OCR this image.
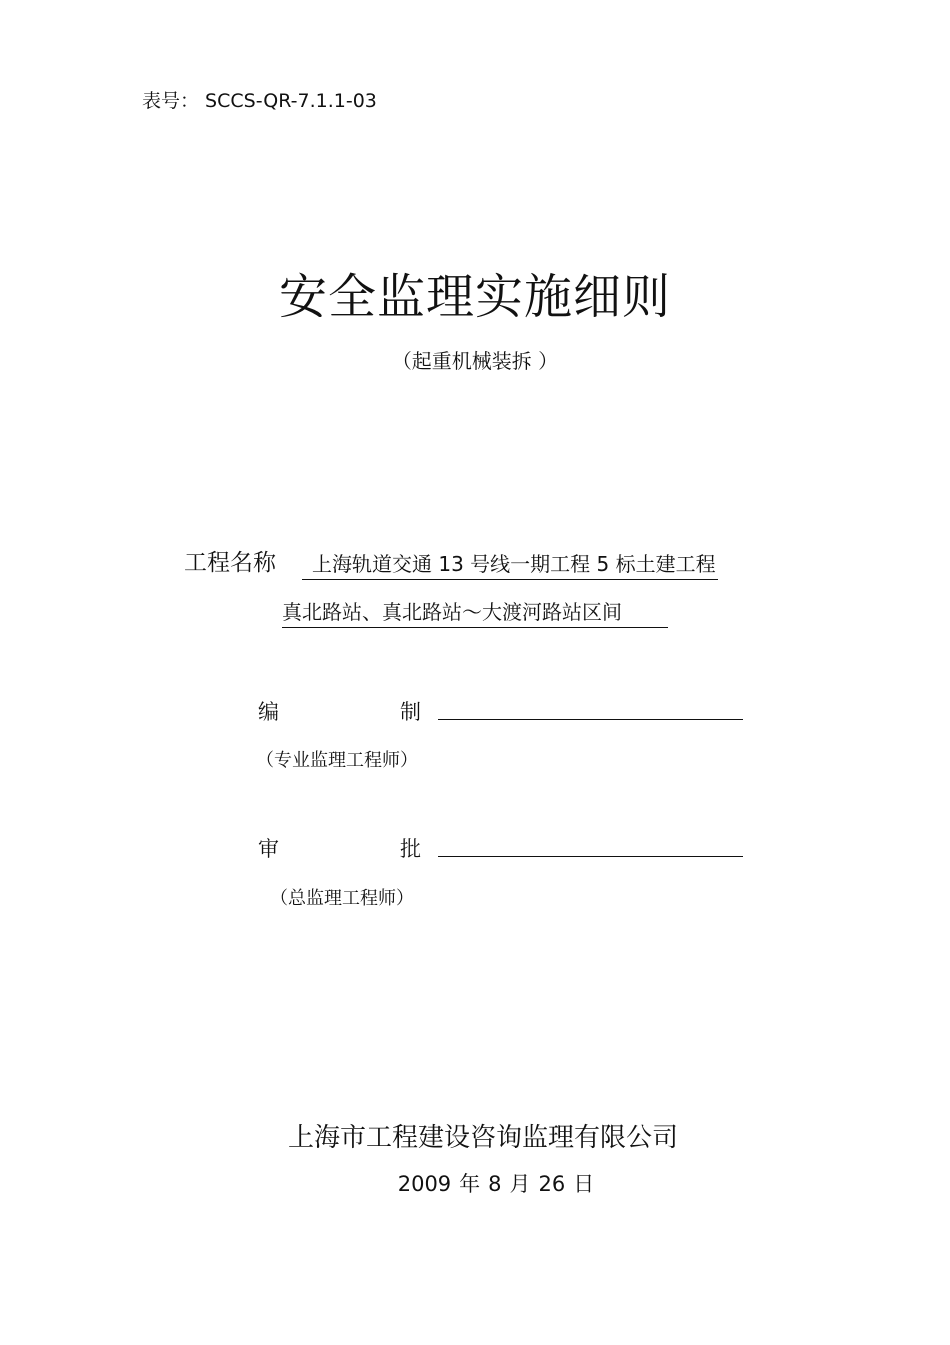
表号： SCCS-QR-7.1.1-03
安全监理实施细则
（起重机械装拆 ）
工程名称	上海轨道交通 13 号线一期工程 5 标土建工程
真北路站、真北路站～大渡河路站区间
编	制
（专业监理工程师）
审	批
（总监理工程师）
上海市工程建设咨询监理有限公司
2009 年 8 月 26 日
